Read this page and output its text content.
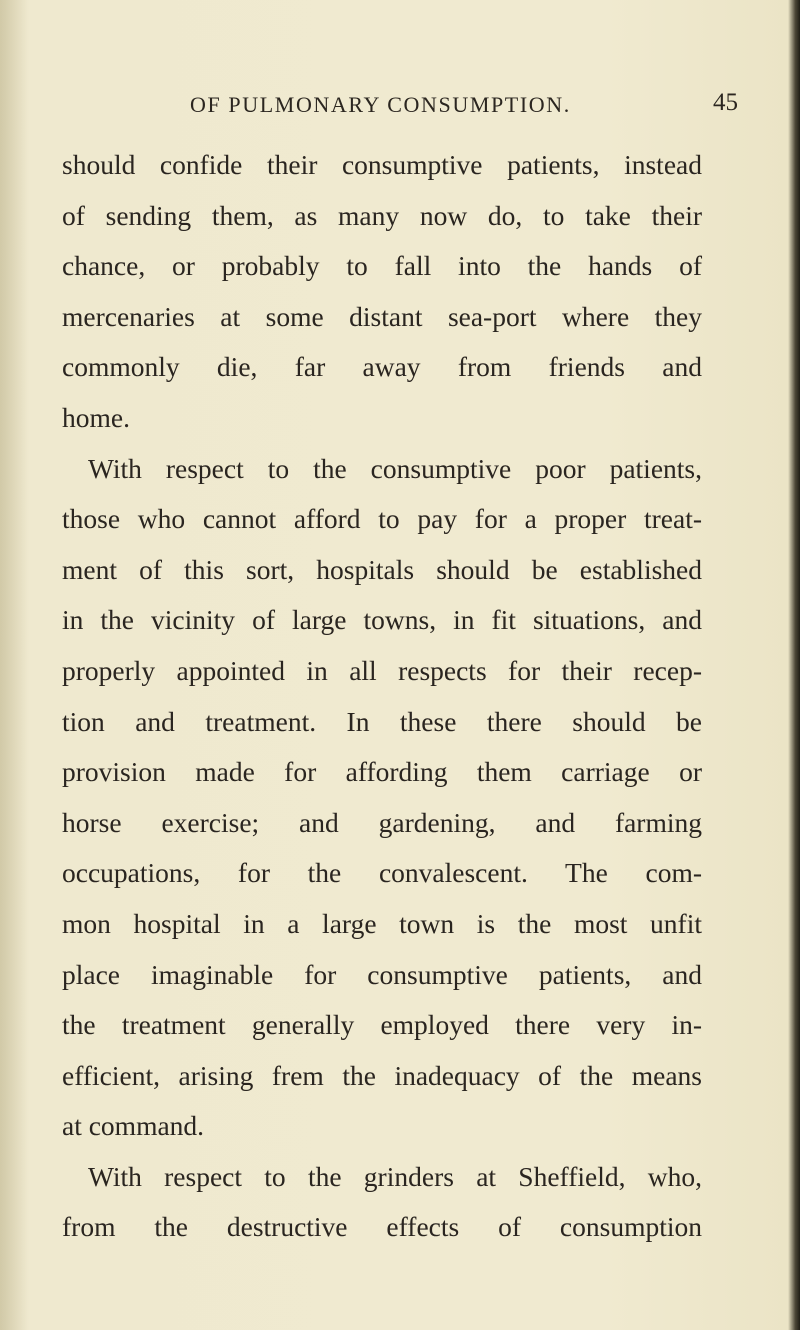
OF PULMONARY CONSUMPTION.	45
should confide their consumptive patients, instead
of sending them, as many now do, to take their
chance, or probably to fall into the hands of
mercenaries at some distant sea-port where they
commonly die, far away from friends and
home.
With respect to the consumptive poor patients,
those who cannot afford to pay for a proper treat-
ment of this sort, hospitals should be established
in the vicinity of large towns, in fit situations, and
properly appointed in all respects for their recep-
tion and treatment. In these there should be
provision made for affording them carriage or
horse exercise; and gardening, and farming
occupations, for the convalescent. The com-
mon hospital in a large town is the most unfit
place imaginable for consumptive patients, and
the treatment generally employed there very in-
efficient, arising frem the inadequacy of the means
at command.
With respect to the grinders at Sheffield, who,
from the destructive effects of consumption
